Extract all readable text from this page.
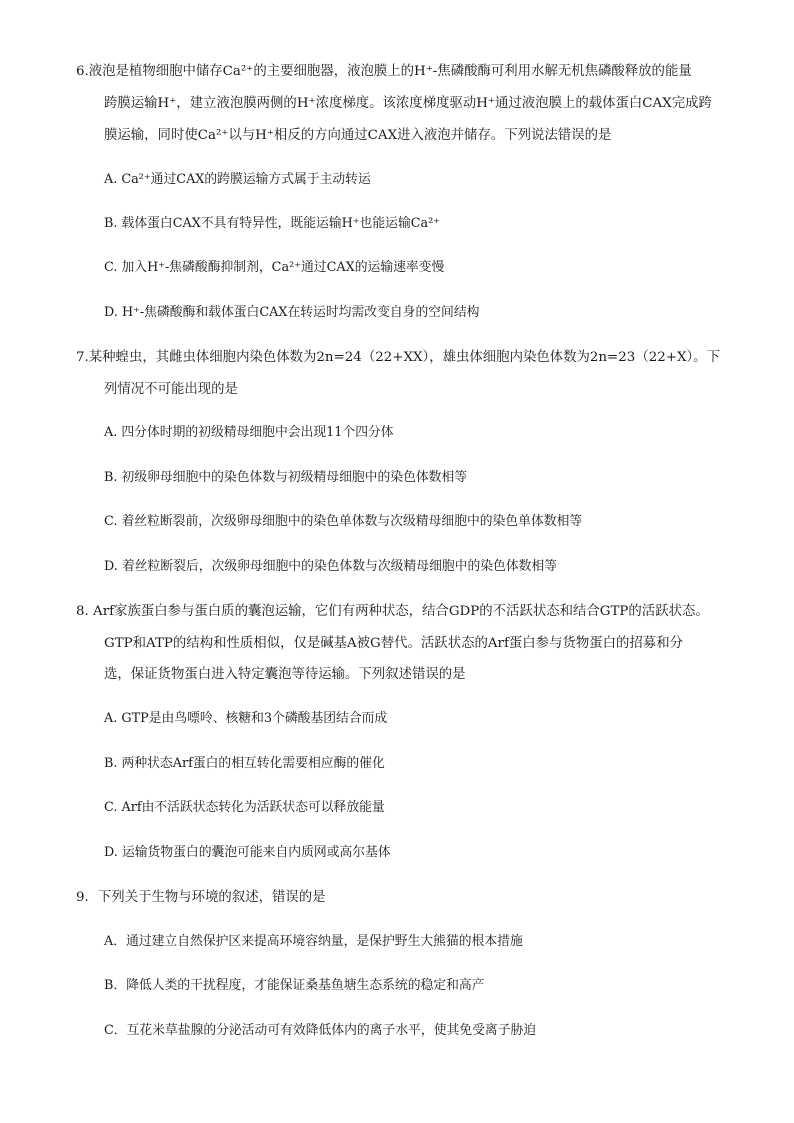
6.液泡是植物细胞中储存Ca²⁺的主要细胞器，液泡膜上的H⁺-焦磷酸酶可利用水解无机焦磷酸释放的能量
跨膜运输H⁺，建立液泡膜两侧的H⁺浓度梯度。该浓度梯度驱动H⁺通过液泡膜上的载体蛋白CAX完成跨
膜运输，同时使Ca²⁺以与H⁺相反的方向通过CAX进入液泡并储存。下列说法错误的是
A. Ca²⁺通过CAX的跨膜运输方式属于主动转运
B. 载体蛋白CAX不具有特异性，既能运输H⁺也能运输Ca²⁺
C. 加入H⁺-焦磷酸酶抑制剂，Ca²⁺通过CAX的运输速率变慢
D. H⁺-焦磷酸酶和载体蛋白CAX在转运时均需改变自身的空间结构
7.某种蝗虫，其雌虫体细胞内染色体数为2n=24（22+XX），雄虫体细胞内染色体数为2n=23（22+X）。下
列情况不可能出现的是
A. 四分体时期的初级精母细胞中会出现11个四分体
B. 初级卵母细胞中的染色体数与初级精母细胞中的染色体数相等
C. 着丝粒断裂前，次级卵母细胞中的染色单体数与次级精母细胞中的染色单体数相等
D. 着丝粒断裂后，次级卵母细胞中的染色体数与次级精母细胞中的染色体数相等
8. Arf家族蛋白参与蛋白质的囊泡运输，它们有两种状态，结合GDP的不活跃状态和结合GTP的活跃状态。
GTP和ATP的结构和性质相似，仅是碱基A被G替代。活跃状态的Arf蛋白参与货物蛋白的招募和分
选，保证货物蛋白进入特定囊泡等待运输。下列叙述错误的是
A. GTP是由鸟嘌呤、核糖和3个磷酸基团结合而成
B. 两种状态Arf蛋白的相互转化需要相应酶的催化
C. Arf由不活跃状态转化为活跃状态可以释放能量
D. 运输货物蛋白的囊泡可能来自内质网或高尔基体
9．下列关于生物与环境的叙述，错误的是
A．通过建立自然保护区来提高环境容纳量，是保护野生大熊猫的根本措施
B．降低人类的干扰程度，才能保证桑基鱼塘生态系统的稳定和高产
C．互花米草盐腺的分泌活动可有效降低体内的离子水平，使其免受离子胁迫
